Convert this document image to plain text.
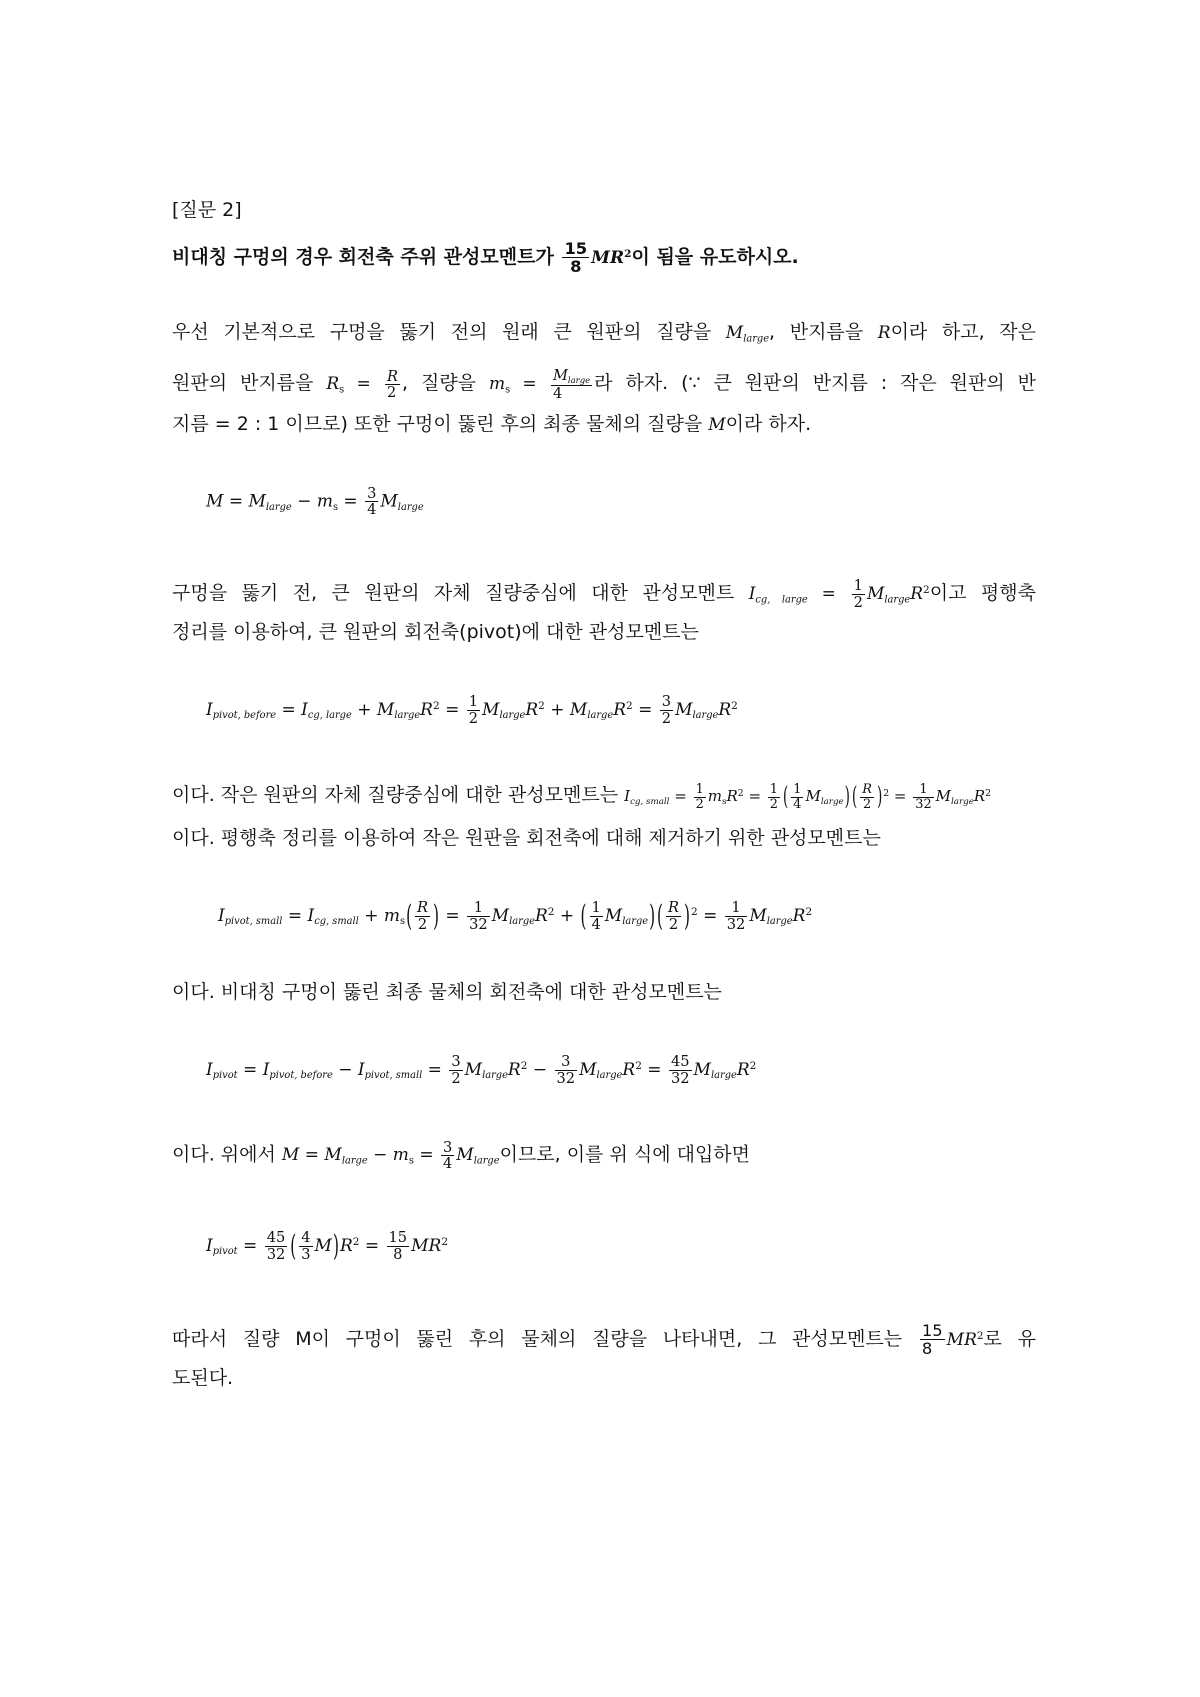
[질문 2]
비대칭 구멍의 경우 회전축 주위 관성모멘트가 $\frac{15}{8} MR^2$이 됨을 유도하시오.
우선 기본적으로 구멍을 뚫기 전의 원래 큰 원판의 질량을 $M_{large}$, 반지름을 R이라 하고, 작은
원판의 반지름을 $R_s = \frac{R}{2}$ , 질량을 $m_s = \frac{M_{large}}{4}$ 라 하자. (∵ 큰 원판의 반지름 : 작은 원판의 반
지름 = 2 : 1 이므로) 또한 구멍이 뚫린 후의 최종 물체의 질량을 M이라 하자.
$M = M_{large} - m_s = \frac{3}{4} M_{large}$
구멍을 뚫기 전, 큰 원판의 자체 질량중심에 대한 관성모멘트 $I_{cg, large} = \frac{1}{2} M_{large}R^2$이고 평행축
정리를 이용하여, 큰 원판의 회전축(pivot)에 대한 관성모멘트는
$I_{pivot, before} = I_{cg, large} + M_{large}R^2 = \frac{1}{2} M_{large}R^2 + M_{large}R^2 = \frac{3}{2} M_{large}R^2$
이다. 작은 원판의 자체 질량중심에 대한 관성모멘트는 $I_{cg, small} = \frac{1}{2} m_sR^2 = \frac{1}{2}$ ( $\frac{1}{4} M_{large}$) ( $\frac{R}{2} )^2 = \frac{1}{32} M_{large}R^2$
이다. 평행축 정리를 이용하여 작은 원판을 회전축에 대해 제거하기 위한 관성모멘트는
$I_{pivot, small} = I_{cg, small} + m_s( \frac{R}{2}$ ) = $\frac{1}{32} M_{large}R^2$ + ( $\frac{1}{4} M_{large}$) ( $\frac{R}{2} )^2 = \frac{1}{32} M_{large}R^2$
이다. 비대칭 구멍이 뚫린 최종 물체의 회전축에 대한 관성모멘트는
$I_{pivot} = I_{pivot, before} - I_{pivot, small} = \frac{3}{2} M_{large}R^2 - \frac{3}{32} M_{large}R^2 = \frac{45}{32} M_{large}R^2$
이다. 위에서 $M = M_{large} - m_s = \frac{3}{4} M_{large}$이므로, 이를 위 식에 대입하면
$I_{pivot} = \frac{45}{32}$ ( $\frac{4}{3} M)R^2 = \frac{15}{8} MR^2$
따라서 질량 M이 구멍이 뚫린 후의 물체의 질량을 나타내면, 그 관성모멘트는 $\frac{15}{8} MR^2$로 유
도된다.
